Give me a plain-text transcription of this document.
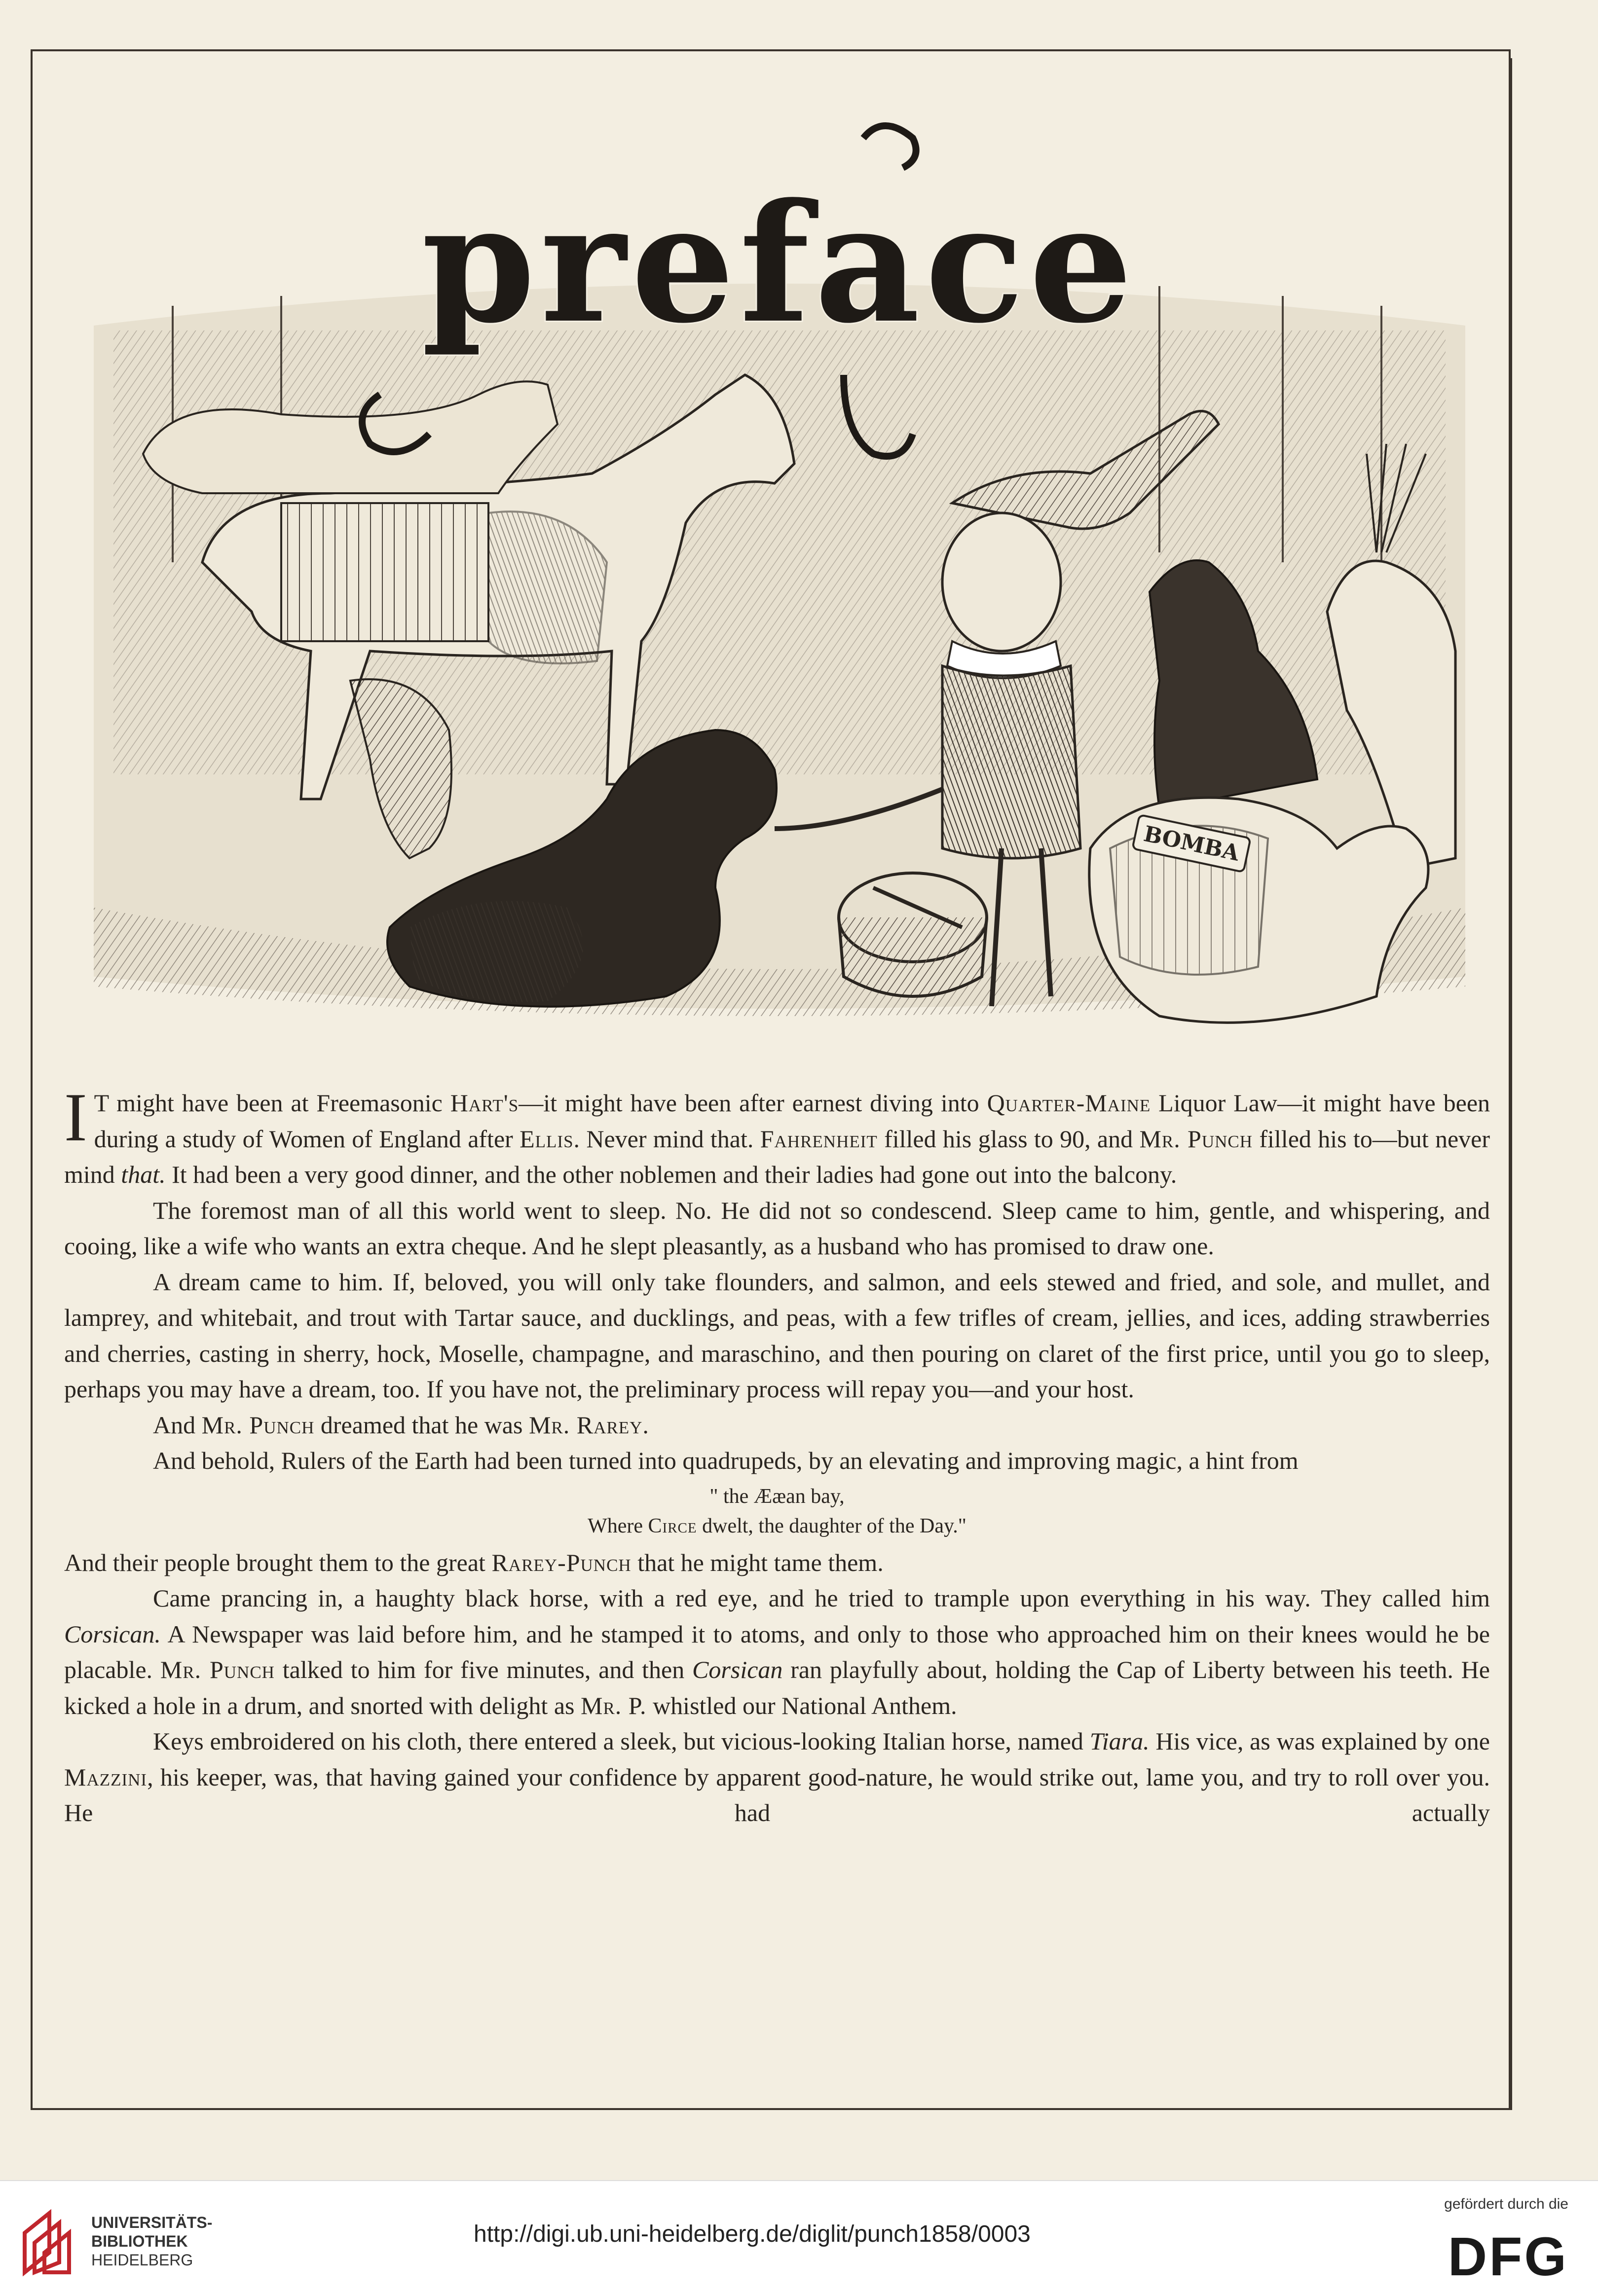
BOMBA
preface

I T might have been at Freemasonic Hart's—it might have been after earnest diving into Quarter-Maine Liquor Law—it might have been during a study of Women of England after Ellis. Never mind that. Fahrenheit filled his glass to 90, and Mr. Punch filled his to—but never mind that. It had been a very good dinner, and the other noblemen and their ladies had gone out into the balcony.

The foremost man of all this world went to sleep. No. He did not so condescend. Sleep came to him, gentle, and whispering, and cooing, like a wife who wants an extra cheque. And he slept pleasantly, as a husband who has promised to draw one.

A dream came to him. If, beloved, you will only take flounders, and salmon, and eels stewed and fried, and sole, and mullet, and lamprey, and whitebait, and trout with Tartar sauce, and ducklings, and peas, with a few trifles of cream, jellies, and ices, adding strawberries and cherries, casting in sherry, hock, Moselle, champagne, and maraschino, and then pouring on claret of the first price, until you go to sleep, perhaps you may have a dream, too. If you have not, the preliminary process will repay you—and your host.

And Mr. Punch dreamed that he was Mr. Rarey.

And behold, Rulers of the Earth had been turned into quadrupeds, by an elevating and improving magic, a hint from

" the Ææan bay,
Where Circe dwelt, the daughter of the Day."

And their people brought them to the great Rarey-Punch that he might tame them.

Came prancing in, a haughty black horse, with a red eye, and he tried to trample upon everything in his way. They called him Corsican. A Newspaper was laid before him, and he stamped it to atoms, and only to those who approached him on their knees would he be placable. Mr. Punch talked to him for five minutes, and then Corsican ran playfully about, holding the Cap of Liberty between his teeth. He kicked a hole in a drum, and snorted with delight as Mr. P. whistled our National Anthem.

Keys embroidered on his cloth, there entered a sleek, but vicious-looking Italian horse, named Tiara. His vice, as was explained by one Mazzini, his keeper, was, that having gained your confidence by apparent good-nature, he would strike out, lame you, and try to roll over you. He had actually

UNIVERSITÄTS-
BIBLIOTHEK
HEIDELBERG
http://digi.ub.uni-heidelberg.de/diglit/punch1858/0003
gefördert durch die
DFG
